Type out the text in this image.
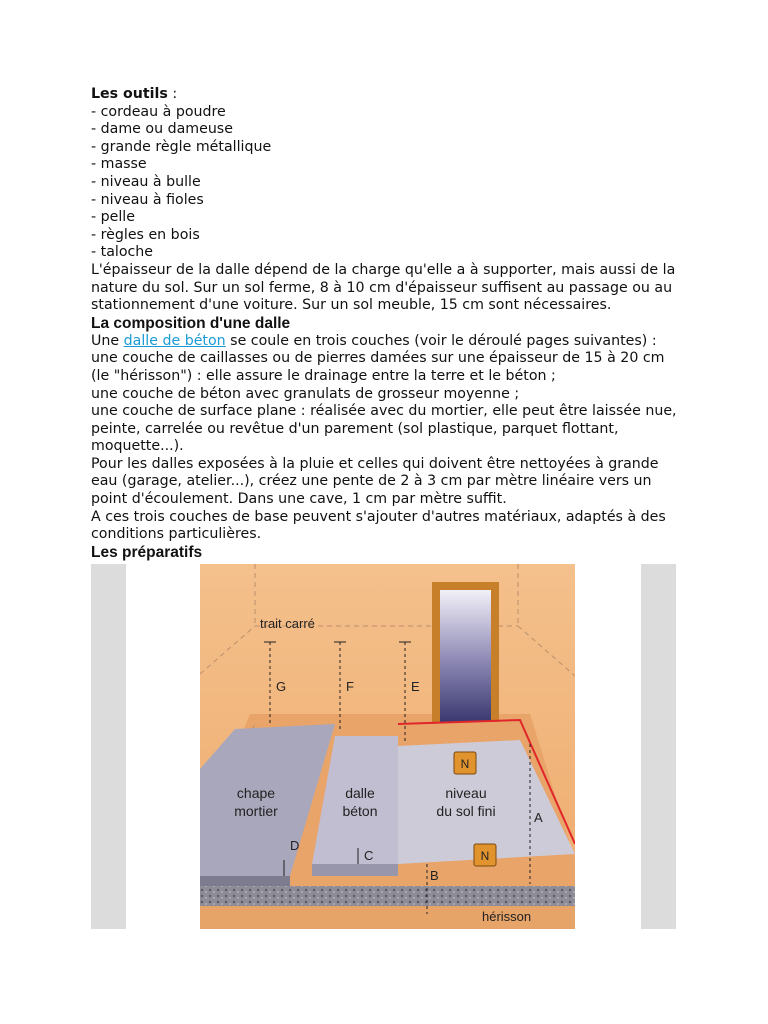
Les outils :

- cordeau à poudre

- dame ou dameuse

- grande règle métallique

- masse

- niveau à bulle

- niveau à fioles

- pelle

- règles en bois

- taloche

L'épaisseur de la dalle dépend de la charge qu'elle a à supporter, mais aussi de la nature du sol. Sur un sol ferme, 8 à 10 cm d'épaisseur suffisent au passage ou au stationnement d'une voiture. Sur un sol meuble, 15 cm sont nécessaires.

La composition d'une dalle

Une dalle de béton se coule en trois couches (voir le déroulé pages suivantes) :

une couche de caillasses ou de pierres damées sur une épaisseur de 15 à 20 cm (le "hérisson") : elle assure le drainage entre la terre et le béton ;

une couche de béton avec granulats de grosseur moyenne ;

une couche de surface plane : réalisée avec du mortier, elle peut être laissée nue, peinte, carrelée ou revêtue d'un parement (sol plastique, parquet flottant, moquette...).

Pour les dalles exposées à la pluie et celles qui doivent être nettoyées à grande eau (garage, atelier...), créez une pente de 2 à 3 cm par mètre linéaire vers un point d'écoulement. Dans une cave, 1 cm par mètre suffit.

A ces trois couches de base peuvent s'ajouter d'autres matériaux, adaptés à des conditions particulières.

Les préparatifs

N
N
trait carré
G	F	E
A
B
C
D
chape
mortier
dalle
béton
niveau
du sol fini
hérisson
